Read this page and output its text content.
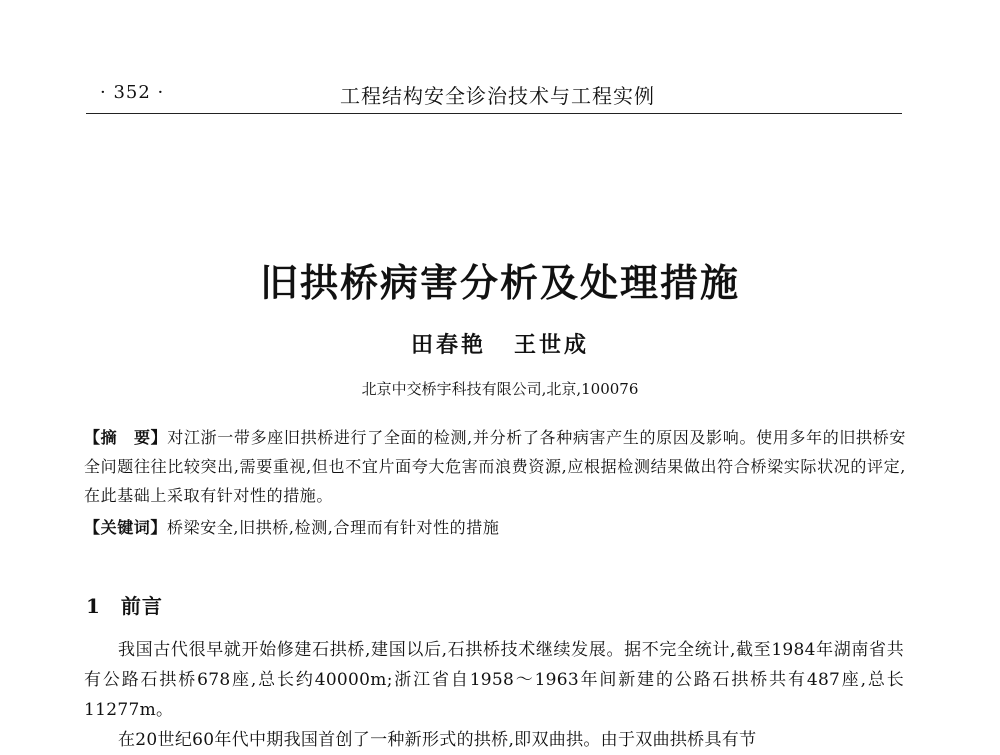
· 352 ·	工程结构安全诊治技术与工程实例
旧拱桥病害分析及处理措施
田春艳 王世成
北京中交桥宇科技有限公司,北京,100076
【摘　要】对江浙一带多座旧拱桥进行了全面的检测,并分析了各种病害产生的原因及影响。使用多年的旧拱桥安全问题往往比较突出,需要重视,但也不宜片面夸大危害而浪费资源,应根据检测结果做出符合桥梁实际状况的评定,在此基础上采取有针对性的措施。
【关键词】桥梁安全,旧拱桥,检测,合理而有针对性的措施
1 前言

我国古代很早就开始修建石拱桥,建国以后,石拱桥技术继续发展。据不完全统计,截至1984年湖南省共有公路石拱桥678座,总长约40000m;浙江省自1958～1963年间新建的公路石拱桥共有487座,总长11277m。

在20世纪60年代中期我国首创了一种新形式的拱桥,即双曲拱。由于双曲拱桥具有节
